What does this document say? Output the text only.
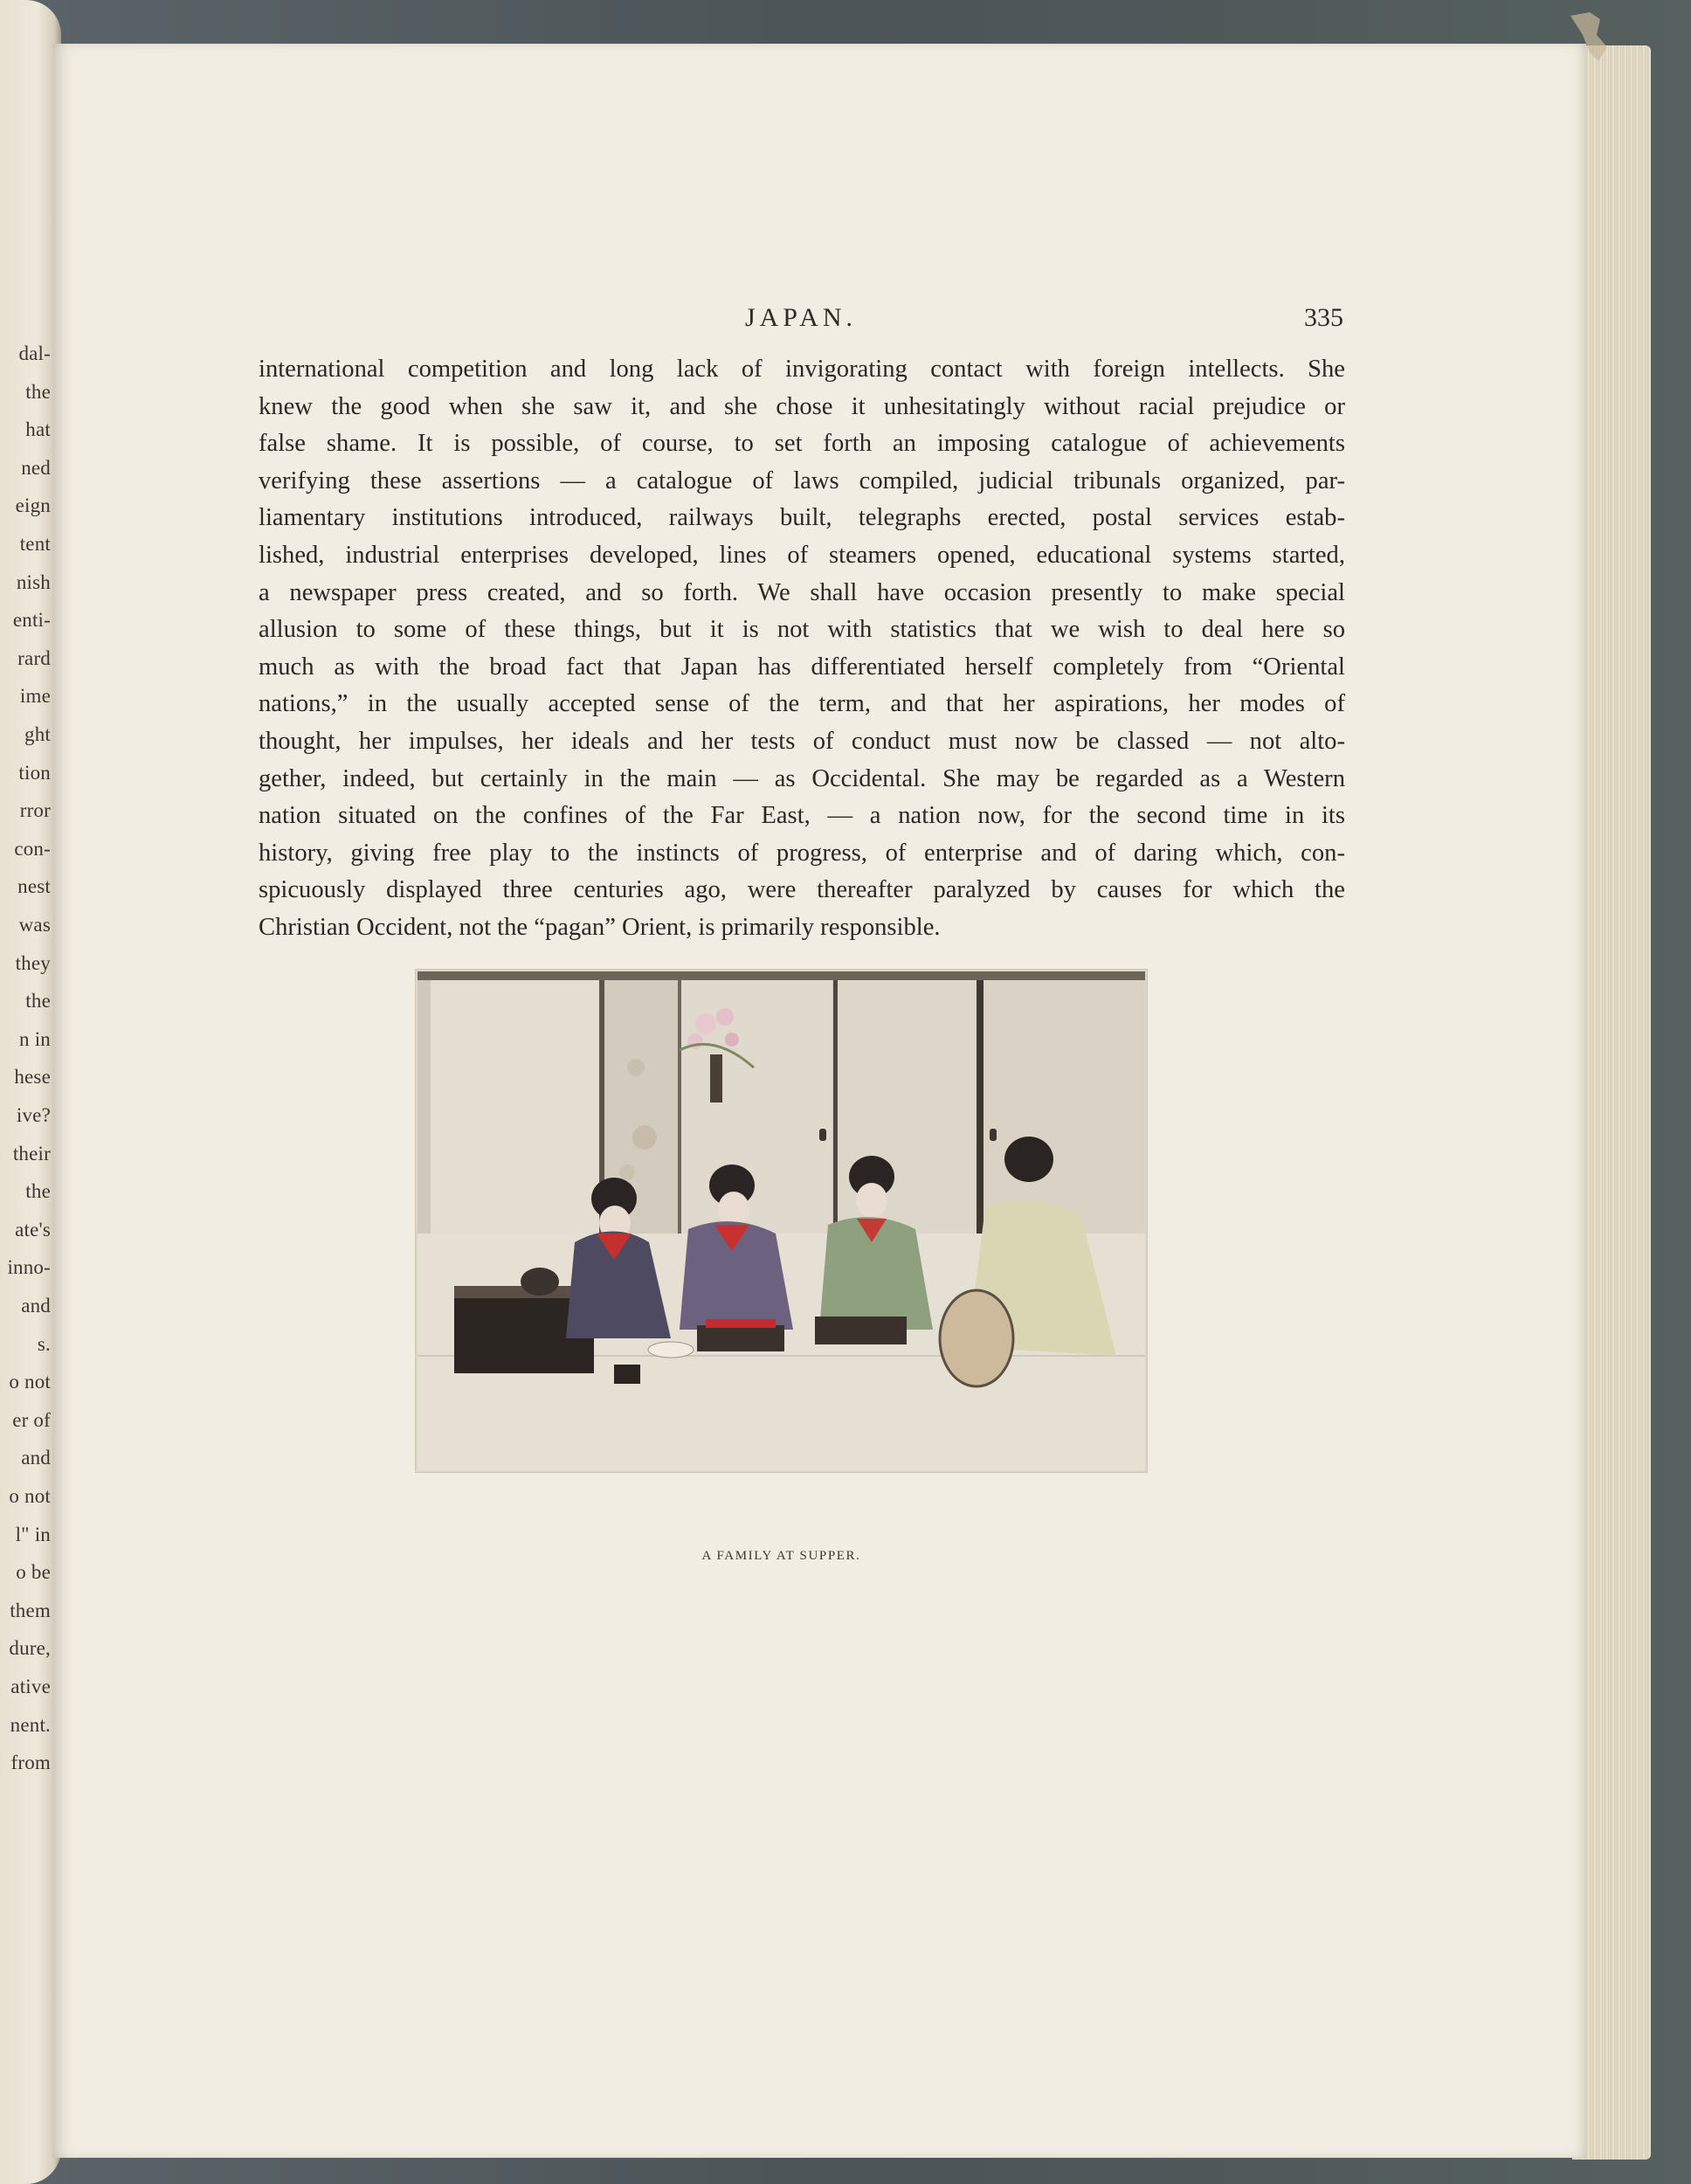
dal-
the
hat
ned
eign
tent
nish
enti-
rard
ime
ght
tion
rror
con-
nest
was
they
the
n in
hese
ive?
their
the
ate's
inno-
and
s.
o not
er of
and
o not
l" in
o be
them
dure,
ative
nent.
from
JAPAN.	335
international competition and long lack of invigorating contact with foreign intellects. She
knew the good when she saw it, and she chose it unhesitatingly without racial prejudice or
false shame. It is possible, of course, to set forth an imposing catalogue of achievements
verifying these assertions — a catalogue of laws compiled, judicial tribunals organized, par-
liamentary institutions introduced, railways built, telegraphs erected, postal services estab-
lished, industrial enterprises developed, lines of steamers opened, educational systems started,
a newspaper press created, and so forth. We shall have occasion presently to make special
allusion to some of these things, but it is not with statistics that we wish to deal here so
much as with the broad fact that Japan has differentiated herself completely from “Oriental
nations,” in the usually accepted sense of the term, and that her aspirations, her modes of
thought, her impulses, her ideals and her tests of conduct must now be classed — not alto-
gether, indeed, but certainly in the main — as Occidental. She may be regarded as a Western
nation situated on the confines of the Far East, — a nation now, for the second time in its
history, giving free play to the instincts of progress, of enterprise and of daring which, con-
spicuously displayed three centuries ago, were thereafter paralyzed by causes for which the
Christian Occident, not the “pagan” Orient, is primarily responsible.
A FAMILY AT SUPPER.
